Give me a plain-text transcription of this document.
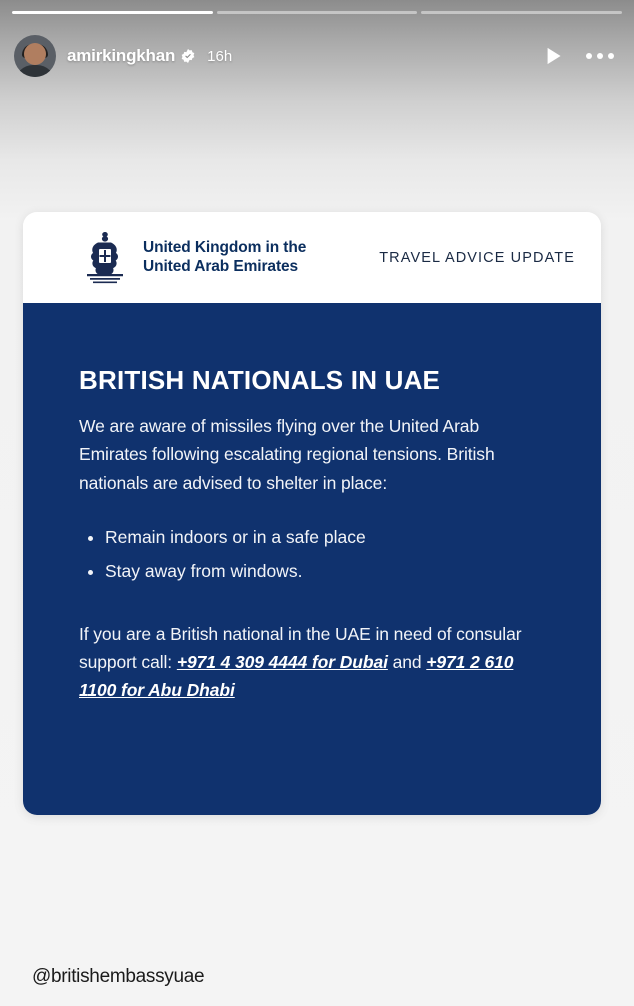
amirkingkhan 16h
United Kingdom in the
United Arab Emirates	TRAVEL ADVICE UPDATE
BRITISH NATIONALS IN UAE

We are aware of missiles flying over the United Arab Emirates following escalating regional tensions. British nationals are advised to shelter in place:

• Remain indoors or in a safe place
• Stay away from windows.

If you are a British national in the UAE in need of consular support call: +971 4 309 4444 for Dubai and +971 2 610 1100 for Abu Dhabi

@britishembassyuae
